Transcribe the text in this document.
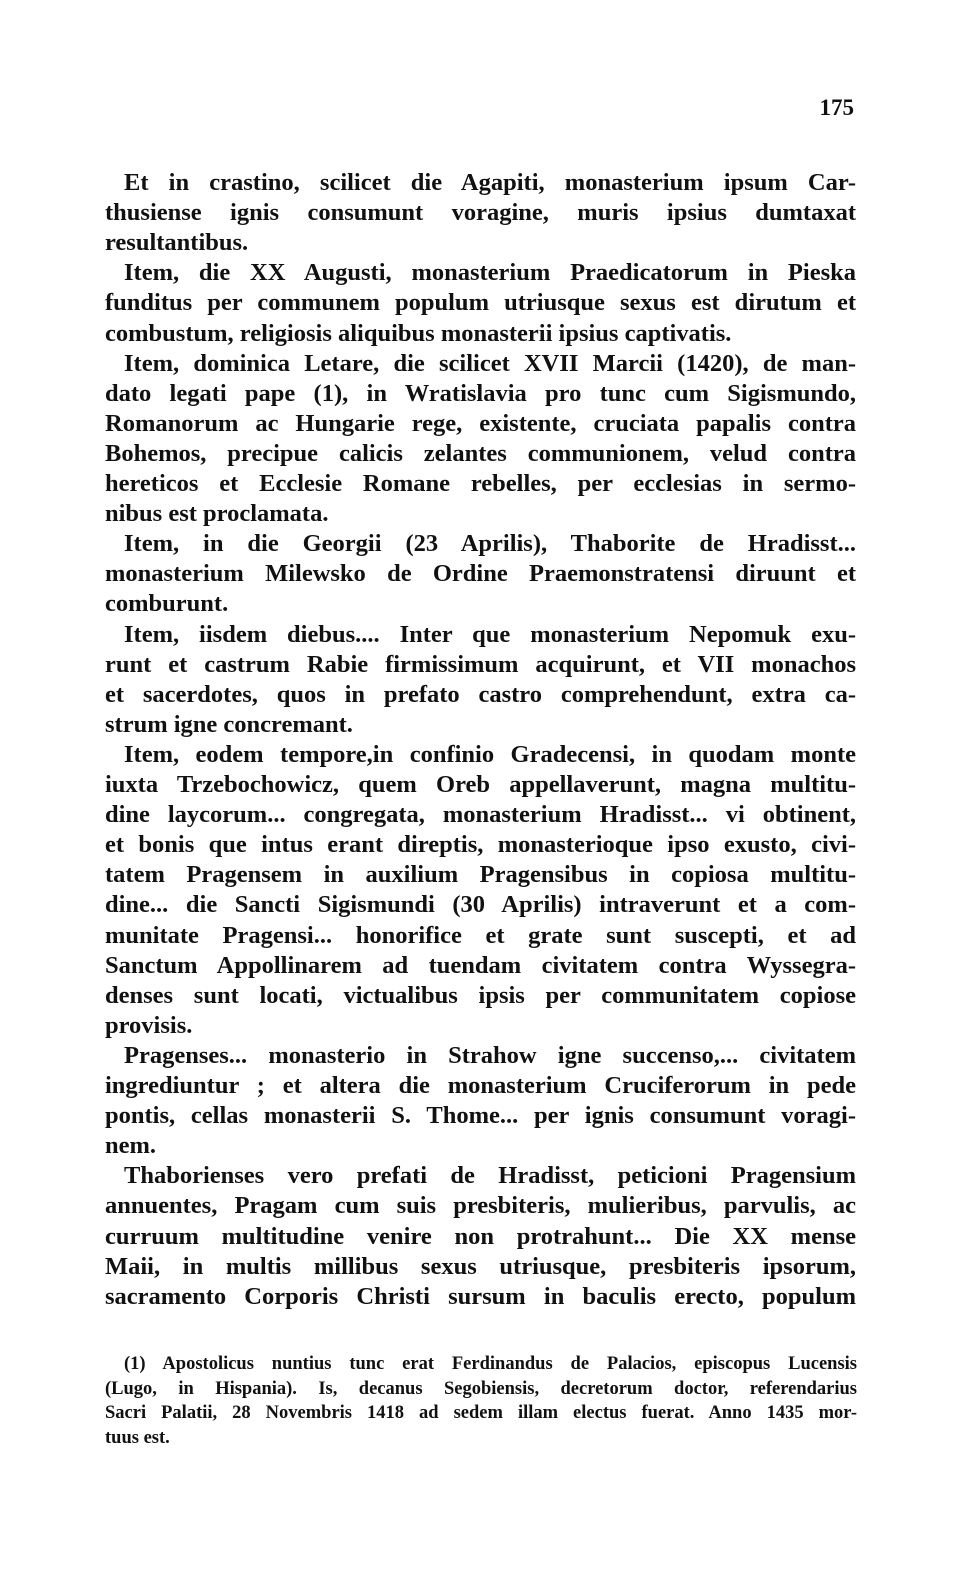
175
Et in crastino, scilicet die Agapiti, monasterium ipsum Car-
thusiense ignis consumunt voragine, muris ipsius dumtaxat
resultantibus.
Item, die XX Augusti, monasterium Praedicatorum in Pieska
funditus per communem populum utriusque sexus est dirutum et
combustum, religiosis aliquibus monasterii ipsius captivatis.
Item, dominica Letare, die scilicet XVII Marcii (1420), de man-
dato legati pape (1), in Wratislavia pro tunc cum Sigismundo,
Romanorum ac Hungarie rege, existente, cruciata papalis contra
Bohemos, precipue calicis zelantes communionem, velud contra
hereticos et Ecclesie Romane rebelles, per ecclesias in sermo-
nibus est proclamata.
Item, in die Georgii (23 Aprilis), Thaborite de Hradisst...
monasterium Milewsko de Ordine Praemonstratensi diruunt et
comburunt.
Item, iisdem diebus.... Inter que monasterium Nepomuk exu-
runt et castrum Rabie firmissimum acquirunt, et VII monachos
et sacerdotes, quos in prefato castro comprehendunt, extra ca-
strum igne concremant.
Item, eodem tempore,in confinio Gradecensi, in quodam monte
iuxta Trzebochowicz, quem Oreb appellaverunt, magna multitu-
dine laycorum... congregata, monasterium Hradisst... vi obtinent,
et bonis que intus erant direptis, monasterioque ipso exusto, civi-
tatem Pragensem in auxilium Pragensibus in copiosa multitu-
dine... die Sancti Sigismundi (30 Aprilis) intraverunt et a com-
munitate Pragensi... honorifice et grate sunt suscepti, et ad
Sanctum Appollinarem ad tuendam civitatem contra Wyssegra-
denses sunt locati, victualibus ipsis per communitatem copiose
provisis.
Pragenses... monasterio in Strahow igne succenso,... civitatem
ingrediuntur ; et altera die monasterium Cruciferorum in pede
pontis, cellas monasterii S. Thome... per ignis consumunt voragi-
nem.
Thaborienses vero prefati de Hradisst, peticioni Pragensium
annuentes, Pragam cum suis presbiteris, mulieribus, parvulis, ac
curruum multitudine venire non protrahunt... Die XX mense
Maii, in multis millibus sexus utriusque, presbiteris ipsorum,
sacramento Corporis Christi sursum in baculis erecto, populum
(1) Apostolicus nuntius tunc erat Ferdinandus de Palacios, episcopus Lucensis
(Lugo, in Hispania). Is, decanus Segobiensis, decretorum doctor, referendarius
Sacri Palatii, 28 Novembris 1418 ad sedem illam electus fuerat. Anno 1435 mor-
tuus est.
